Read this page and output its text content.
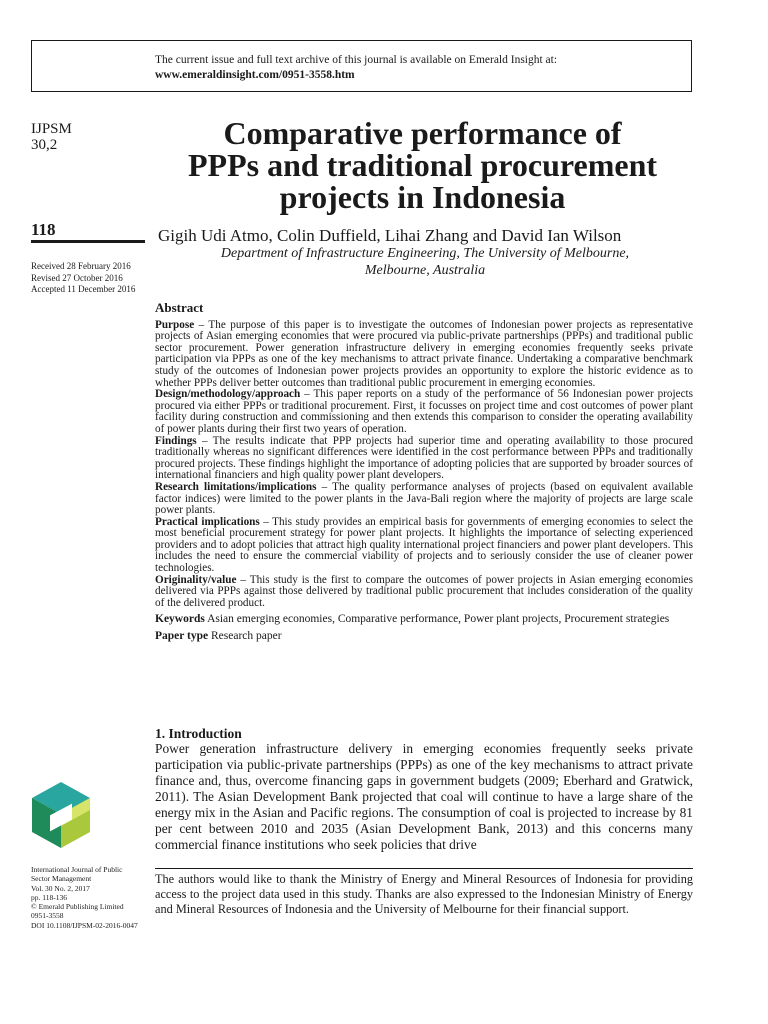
The current issue and full text archive of this journal is available on Emerald Insight at:
www.emeraldinsight.com/0951-3558.htm
IJPSM
30,2
118
Received 28 February 2016
Revised 27 October 2016
Accepted 11 December 2016
Comparative performance of
PPPs and traditional procurement
projects in Indonesia
Gigih Udi Atmo, Colin Duffield, Lihai Zhang and David Ian Wilson
Department of Infrastructure Engineering, The University of Melbourne,
Melbourne, Australia
Abstract

Purpose – The purpose of this paper is to investigate the outcomes of Indonesian power projects as representative projects of Asian emerging economies that were procured via public-private partnerships (PPPs) and traditional public sector procurement. Power generation infrastructure delivery in emerging economies frequently seeks private participation via PPPs as one of the key mechanisms to attract private finance. Undertaking a comparative benchmark study of the outcomes of Indonesian power projects provides an opportunity to explore the historic evidence as to whether PPPs deliver better outcomes than traditional public procurement in emerging economies.

Design/methodology/approach – This paper reports on a study of the performance of 56 Indonesian power projects procured via either PPPs or traditional procurement. First, it focusses on project time and cost outcomes of power plant facility during construction and commissioning and then extends this comparison to consider the operating availability of power plants during their first two years of operation.

Findings – The results indicate that PPP projects had superior time and operating availability to those procured traditionally whereas no significant differences were identified in the cost performance between PPPs and traditionally procured projects. These findings highlight the importance of adopting policies that are supported by broader sources of international financiers and high quality power plant developers.

Research limitations/implications – The quality performance analyses of projects (based on equivalent available factor indices) were limited to the power plants in the Java-Bali region where the majority of projects are large scale power plants.

Practical implications – This study provides an empirical basis for governments of emerging economies to select the most beneficial procurement strategy for power plant projects. It highlights the importance of selecting experienced providers and to adopt policies that attract high quality international project financiers and power plant developers. This includes the need to ensure the commercial viability of projects and to seriously consider the use of cleaner power technologies.

Originality/value – This study is the first to compare the outcomes of power projects in Asian emerging economies delivered via PPPs against those delivered by traditional public procurement that includes consideration of the quality of the delivered product.

Keywords Asian emerging economies, Comparative performance, Power plant projects, Procurement strategies
Paper type Research paper
1. Introduction

Power generation infrastructure delivery in emerging economies frequently seeks private participation via public-private partnerships (PPPs) as one of the key mechanisms to attract private finance and, thus, overcome financing gaps in government budgets (2009; Eberhard and Gratwick, 2011). The Asian Development Bank projected that coal will continue to have a large share of the energy mix in the Asian and Pacific regions. The consumption of coal is projected to increase by 81 per cent between 2010 and 2035 (Asian Development Bank, 2013) and this concerns many commercial finance institutions who seek policies that drive

International Journal of Public
Sector Management
Vol. 30 No. 2, 2017
pp. 118-136
© Emerald Publishing Limited
0951-3558
DOI 10.1108/IJPSM-02-2016-0047

The authors would like to thank the Ministry of Energy and Mineral Resources of Indonesia for providing access to the project data used in this study. Thanks are also expressed to the Indonesian Ministry of Energy and Mineral Resources of Indonesia and the University of Melbourne for their financial support.
